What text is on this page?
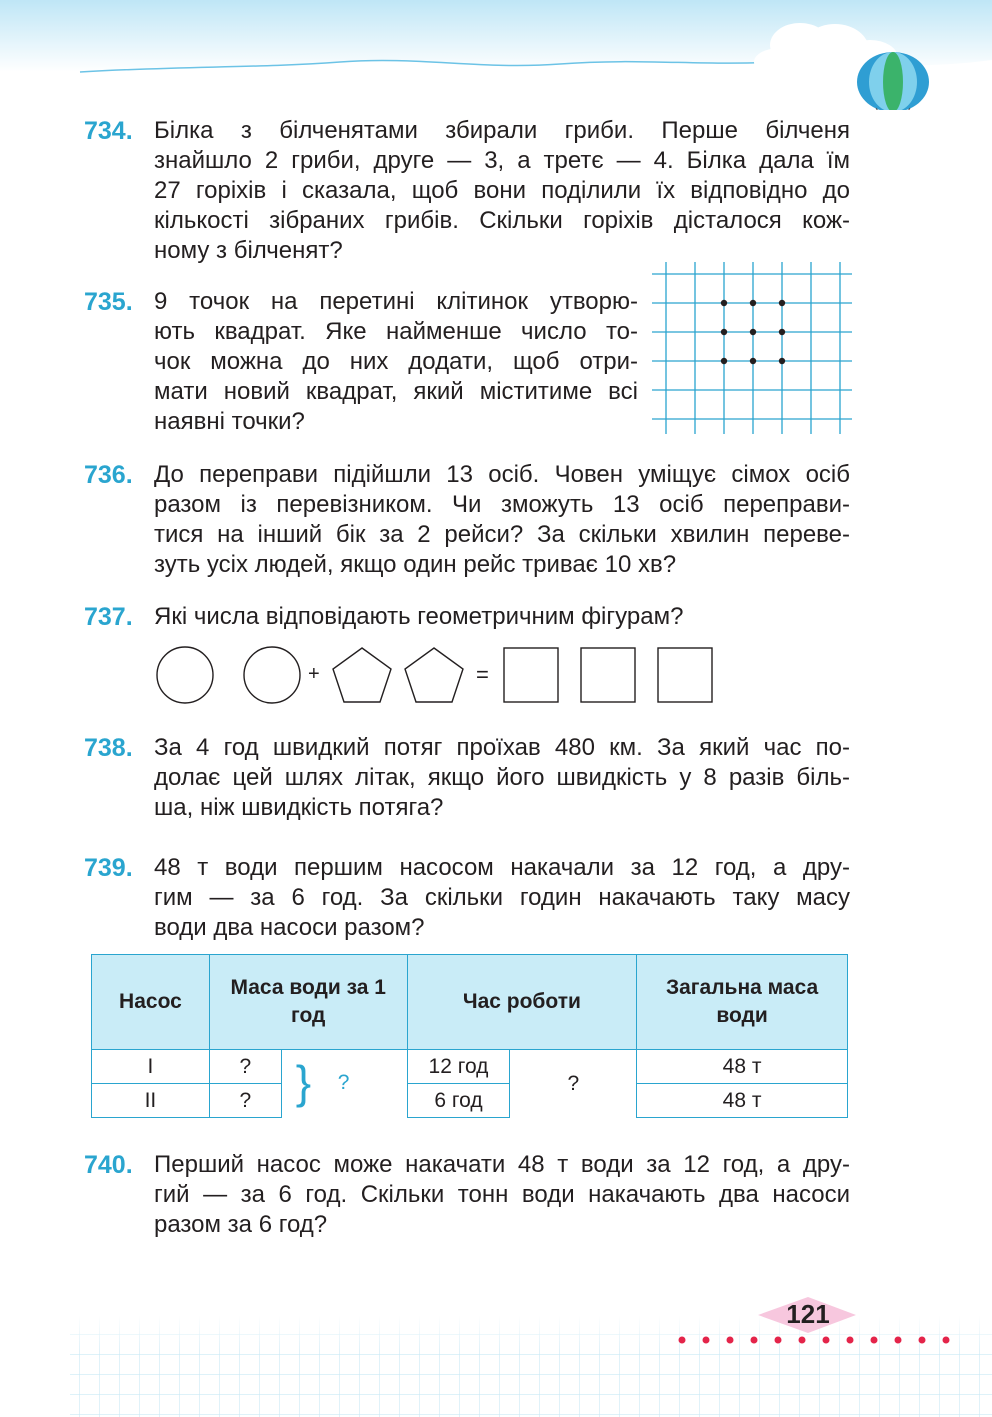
734. Білка з білченятами збирали гриби. Перше білченя
знайшло 2 гриби, друге — 3, а третє — 4. Білка дала їм
27 горіхів і сказала, щоб вони поділили їх відповідно до
кількості зібраних грибів. Скільки горіхів дісталося кож-
ному з білченят?
735. 9 точок на перетині клітинок утворю-
ють квадрат. Яке найменше число то-
чок можна до них додати, щоб отри-
мати новий квадрат, який міститиме всі
наявні точки?
736. До переправи підійшли 13 осіб. Човен уміщує сімох осіб
разом із перевізником. Чи зможуть 13 осіб переправи-
тися на інший бік за 2 рейси? За скільки хвилин переве-
зуть усіх людей, якщо один рейс триває 10 хв?
737. Які числа відповідають геометричним фігурам?
+	=
738. За 4 год швидкий потяг проїхав 480 км. За який час по-
долає цей шлях літак, якщо його швидкість у 8 разів біль-
ша, ніж швидкість потяга?
739. 48 т води першим насосом накачали за 12 год, а дру-
гим — за 6 год. За скільки годин накачають таку масу
води два насоси разом?
Насос	Маса води за 1 год		Час роботи		Загальна маса води
I	?	} ?	12 год	?	48 т
II	?		6 год		48 т
740. Перший насос може накачати 48 т води за 12 год, а дру-
гий — за 6 год. Скільки тонн води накачають два насоси
разом за 6 год?
121
